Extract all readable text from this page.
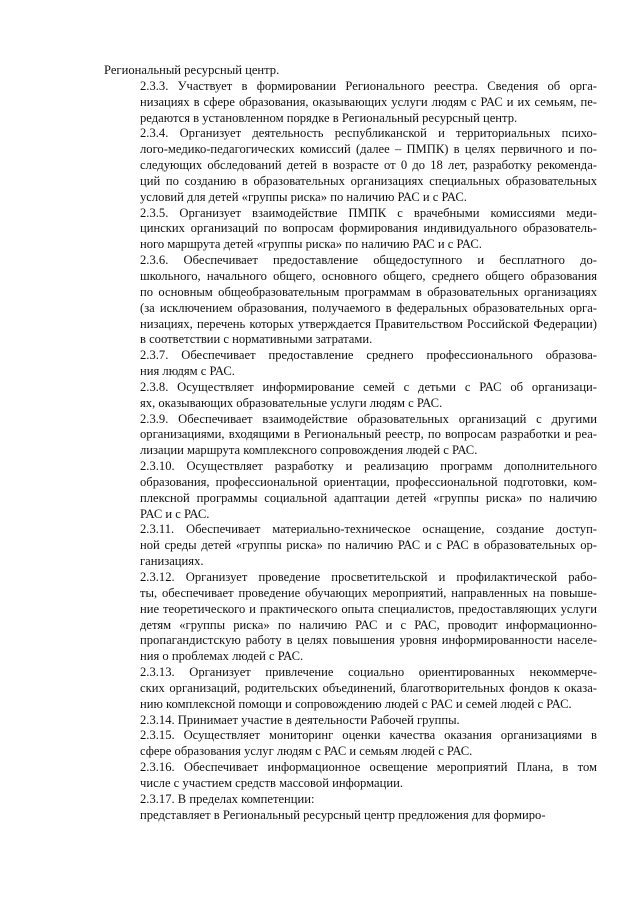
Региональный ресурсный центр.

2.3.3. Участвует в формировании Регионального реестра. Сведения об орга-
низациях в сфере образования, оказывающих услуги людям с РАС и их семьям, пе-
редаются в установленном порядке в Региональный ресурсный центр.

2.3.4. Организует деятельность республиканской и территориальных психо-
лого-медико-педагогических комиссий (далее – ПМПК) в целях первичного и по-
следующих обследований детей в возрасте от 0 до 18 лет, разработку рекоменда-
ций по созданию в образовательных организациях специальных образовательных
условий для детей «группы риска» по наличию РАС и с РАС.

2.3.5. Организует взаимодействие ПМПК с врачебными комиссиями меди-
цинских организаций по вопросам формирования индивидуального образователь-
ного маршрута детей «группы риска» по наличию РАС и с РАС.

2.3.6. Обеспечивает предоставление общедоступного и бесплатного до-
школьного, начального общего, основного общего, среднего общего образования
по основным общеобразовательным программам в образовательных организациях
(за исключением образования, получаемого в федеральных образовательных орга-
низациях, перечень которых утверждается Правительством Российской Федерации)
в соответствии с нормативными затратами.

2.3.7. Обеспечивает предоставление среднего профессионального образова-
ния людям с РАС.

2.3.8. Осуществляет информирование семей с детьми с РАС об организаци-
ях, оказывающих образовательные услуги людям с РАС.

2.3.9. Обеспечивает взаимодействие образовательных организаций с другими
организациями, входящими в Региональный реестр, по вопросам разработки и реа-
лизации маршрута комплексного сопровождения людей с РАС.

2.3.10. Осуществляет разработку и реализацию программ дополнительного
образования, профессиональной ориентации, профессиональной подготовки, ком-
плексной программы социальной адаптации детей «группы риска» по наличию
РАС и с РАС.

2.3.11. Обеспечивает материально-техническое оснащение, создание доступ-
ной среды детей «группы риска» по наличию РАС и с РАС в образовательных ор-
ганизациях.

2.3.12. Организует проведение просветительской и профилактической рабо-
ты, обеспечивает проведение обучающих мероприятий, направленных на повыше-
ние теоретического и практического опыта специалистов, предоставляющих услуги
детям «группы риска» по наличию РАС и с РАС, проводит информационно-
пропагандистскую работу в целях повышения уровня информированности населе-
ния о проблемах людей с РАС.

2.3.13. Организует привлечение социально ориентированных некоммерче-
ских организаций, родительских объединений, благотворительных фондов к оказа-
нию комплексной помощи и сопровождению людей с РАС и семей людей с РАС.

2.3.14. Принимает участие в деятельности Рабочей группы.

2.3.15. Осуществляет мониторинг оценки качества оказания организациями в
сфере образования услуг людям с РАС и семьям людей с РАС.

2.3.16. Обеспечивает информационное освещение мероприятий Плана, в том
числе с участием средств массовой информации.

2.3.17. В пределах компетенции:

представляет в Региональный ресурсный центр предложения для формиро-
